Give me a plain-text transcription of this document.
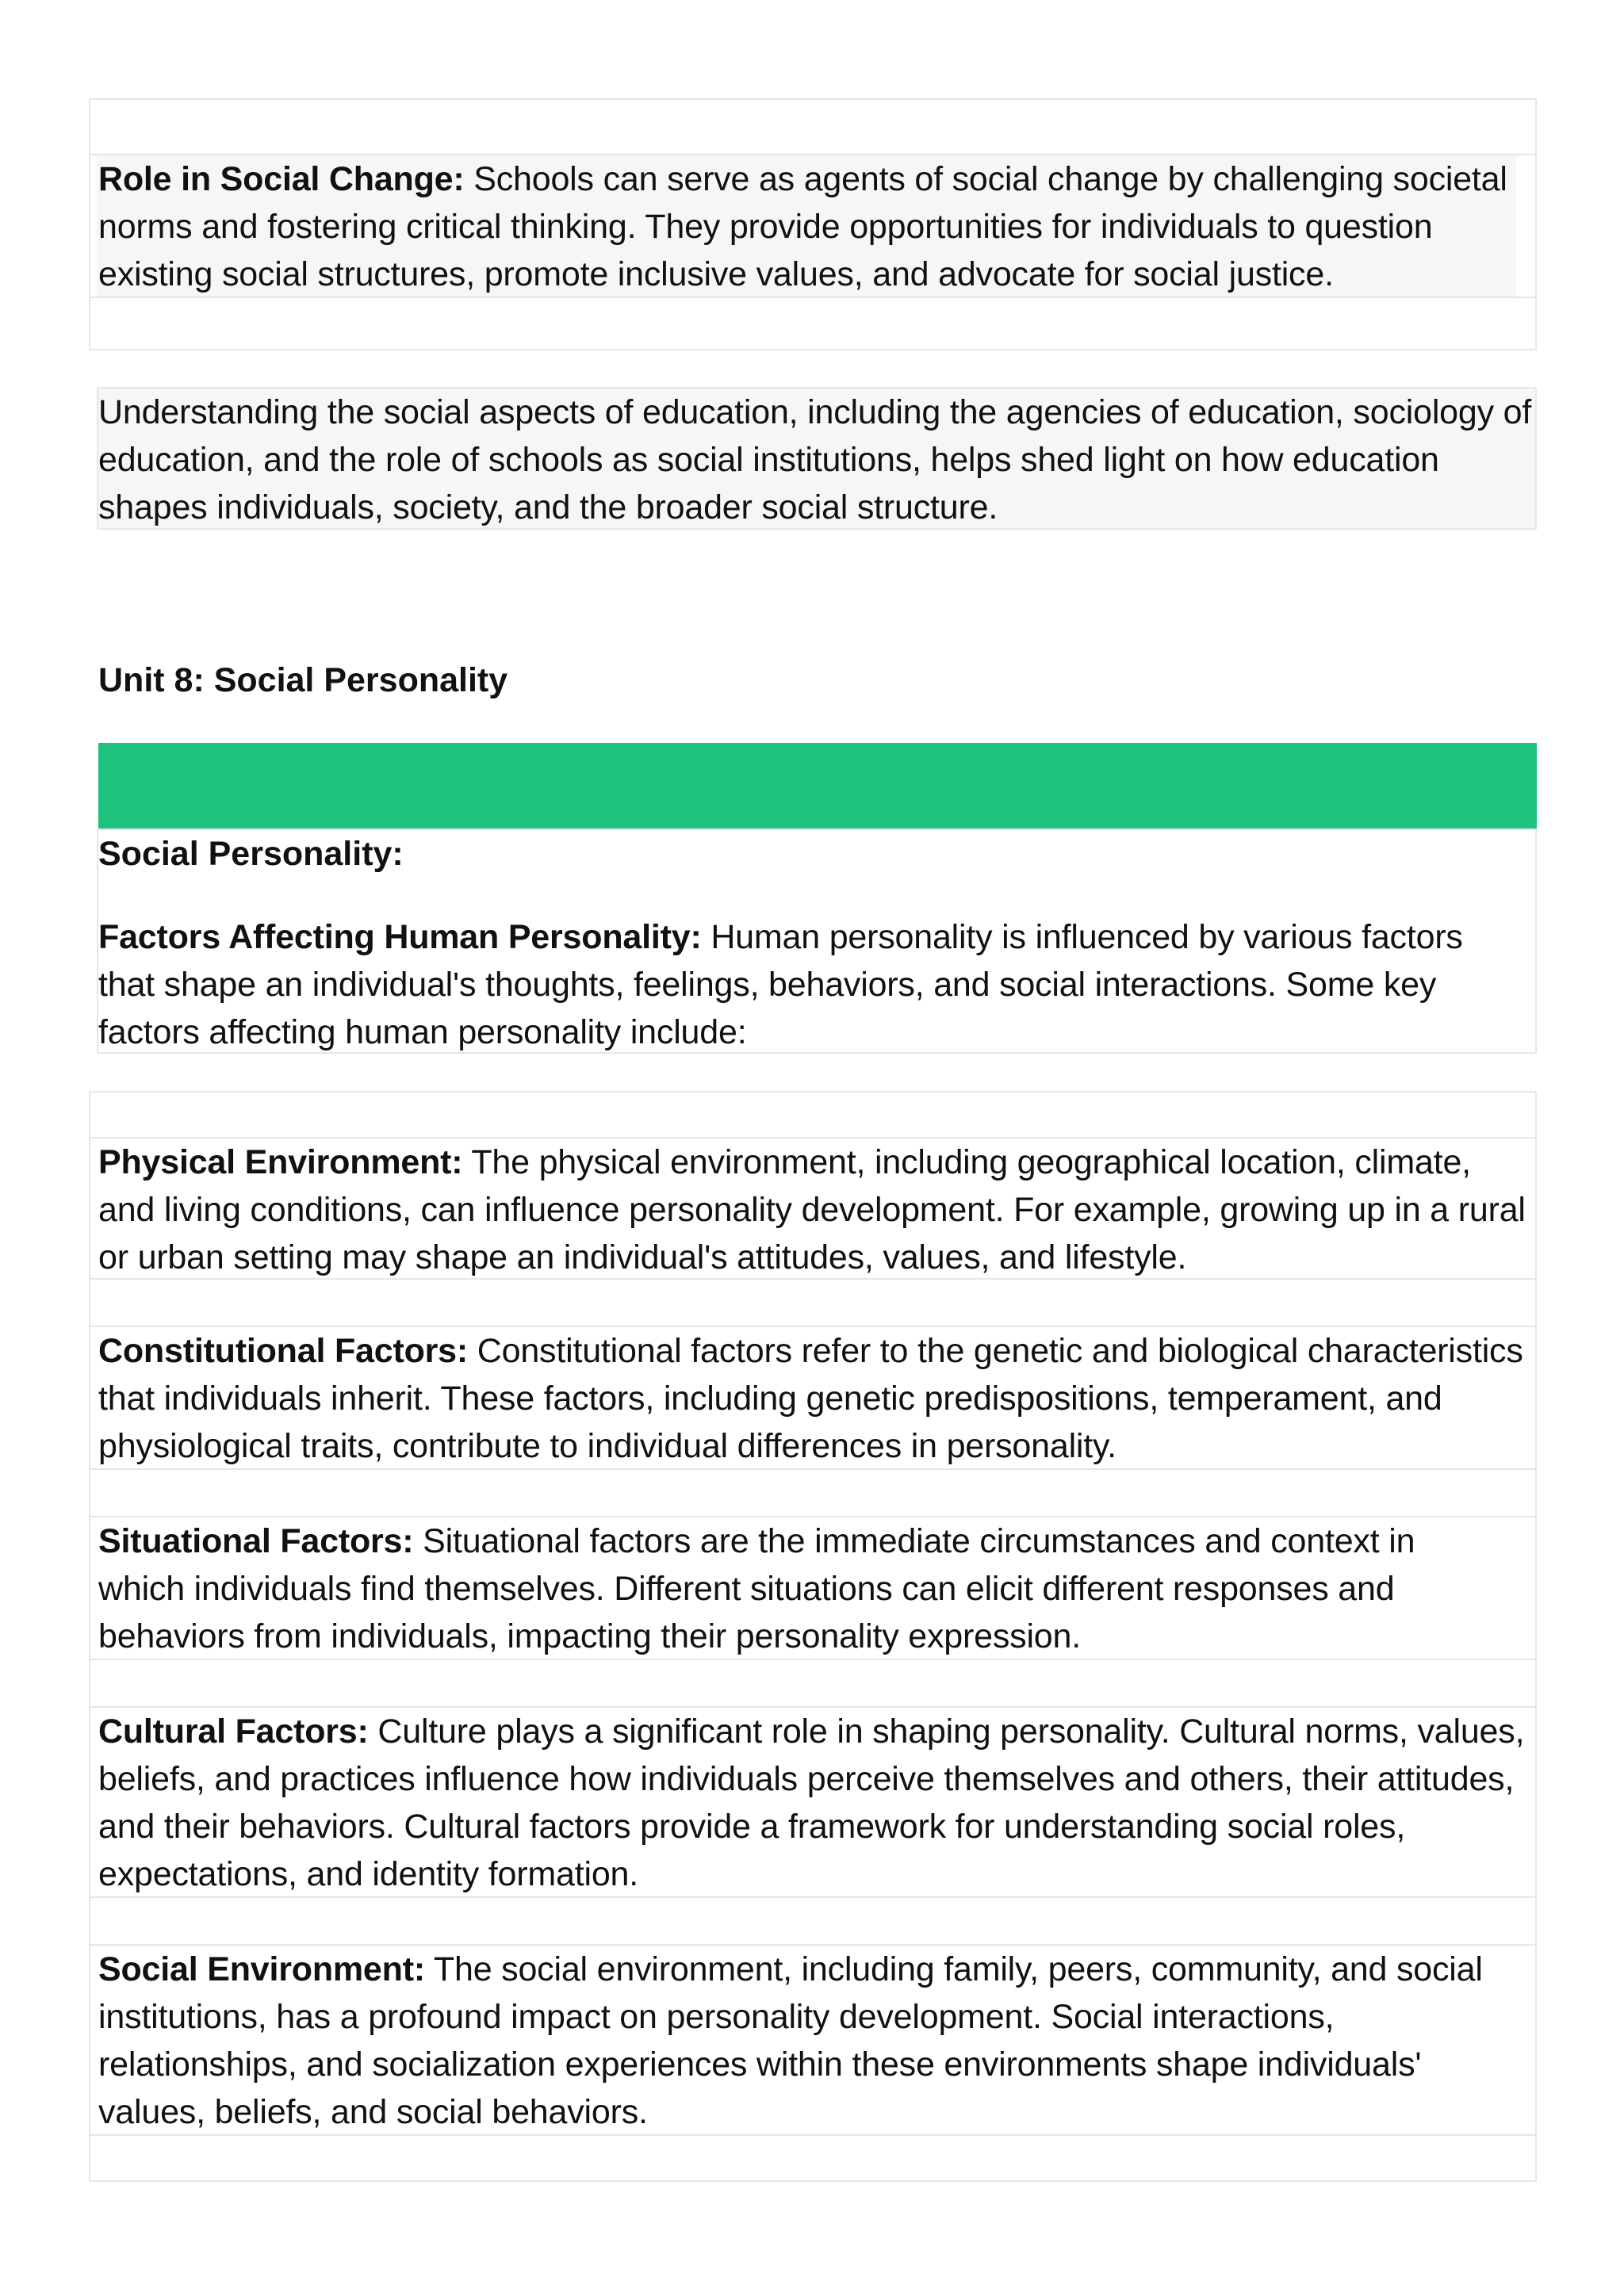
Role in Social Change: Schools can serve as agents of social change by challenging societal norms and fostering critical thinking. They provide opportunities for individuals to question existing social structures, promote inclusive values, and advocate for social justice.
Understanding the social aspects of education, including the agencies of education, sociology of education, and the role of schools as social institutions, helps shed light on how education shapes individuals, society, and the broader social structure.
Unit 8: Social Personality
Social Personality:
Factors Affecting Human Personality: Human personality is influenced by various factors that shape an individual's thoughts, feelings, behaviors, and social interactions. Some key factors affecting human personality include:
Physical Environment: The physical environment, including geographical location, climate, and living conditions, can influence personality development. For example, growing up in a rural or urban setting may shape an individual's attitudes, values, and lifestyle.
Constitutional Factors: Constitutional factors refer to the genetic and biological characteristics that individuals inherit. These factors, including genetic predispositions, temperament, and physiological traits, contribute to individual differences in personality.
Situational Factors: Situational factors are the immediate circumstances and context in which individuals find themselves. Different situations can elicit different responses and behaviors from individuals, impacting their personality expression.
Cultural Factors: Culture plays a significant role in shaping personality. Cultural norms, values, beliefs, and practices influence how individuals perceive themselves and others, their attitudes, and their behaviors. Cultural factors provide a framework for understanding social roles, expectations, and identity formation.
Social Environment: The social environment, including family, peers, community, and social institutions, has a profound impact on personality development. Social interactions, relationships, and socialization experiences within these environments shape individuals' values, beliefs, and social behaviors.
